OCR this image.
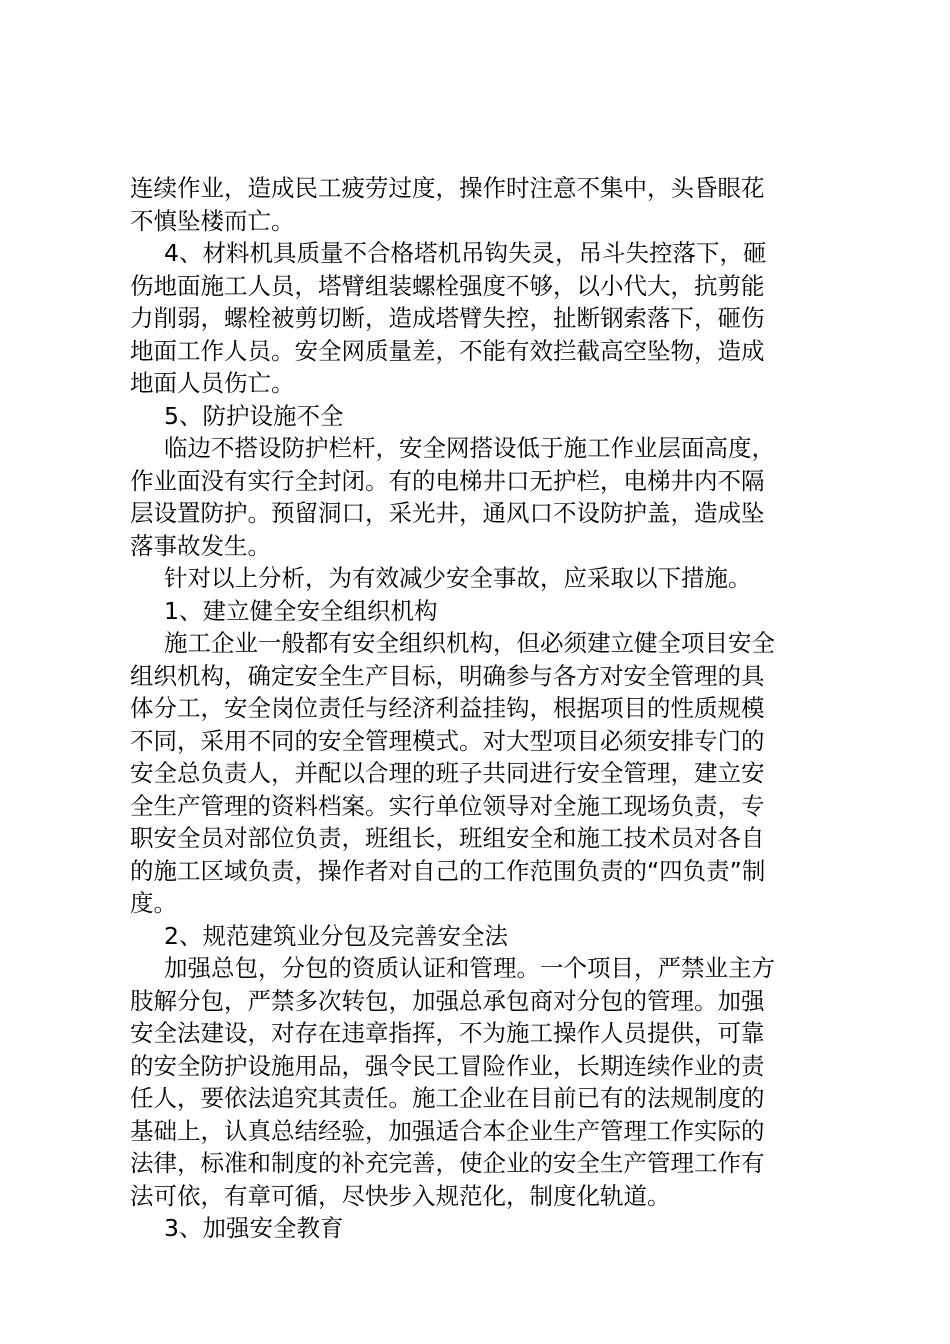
连续作业，造成民工疲劳过度，操作时注意不集中，头昏眼花
不慎坠楼而亡。
4、材料机具质量不合格塔机吊钩失灵，吊斗失控落下，砸
伤地面施工人员，塔臂组装螺栓强度不够，以小代大，抗剪能
力削弱，螺栓被剪切断，造成塔臂失控，扯断钢索落下，砸伤
地面工作人员。安全网质量差，不能有效拦截高空坠物，造成
地面人员伤亡。
5、防护设施不全
临边不搭设防护栏杆，安全网搭设低于施工作业层面高度，
作业面没有实行全封闭。有的电梯井口无护栏，电梯井内不隔
层设置防护。预留洞口，采光井，通风口不设防护盖，造成坠
落事故发生。
针对以上分析，为有效减少安全事故，应采取以下措施。
1、建立健全安全组织机构
施工企业一般都有安全组织机构，但必须建立健全项目安全
组织机构，确定安全生产目标，明确参与各方对安全管理的具
体分工，安全岗位责任与经济利益挂钩，根据项目的性质规模
不同，采用不同的安全管理模式。对大型项目必须安排专门的
安全总负责人，并配以合理的班子共同进行安全管理，建立安
全生产管理的资料档案。实行单位领导对全施工现场负责，专
职安全员对部位负责，班组长，班组安全和施工技术员对各自
的施工区域负责，操作者对自己的工作范围负责的“四负责”制
度。
2、规范建筑业分包及完善安全法
加强总包，分包的资质认证和管理。一个项目，严禁业主方
肢解分包，严禁多次转包，加强总承包商对分包的管理。加强
安全法建设，对存在违章指挥，不为施工操作人员提供，可靠
的安全防护设施用品，强令民工冒险作业，长期连续作业的责
任人，要依法追究其责任。施工企业在目前已有的法规制度的
基础上，认真总结经验，加强适合本企业生产管理工作实际的
法律，标准和制度的补充完善，使企业的安全生产管理工作有
法可依，有章可循，尽快步入规范化，制度化轨道。
3、加强安全教育
